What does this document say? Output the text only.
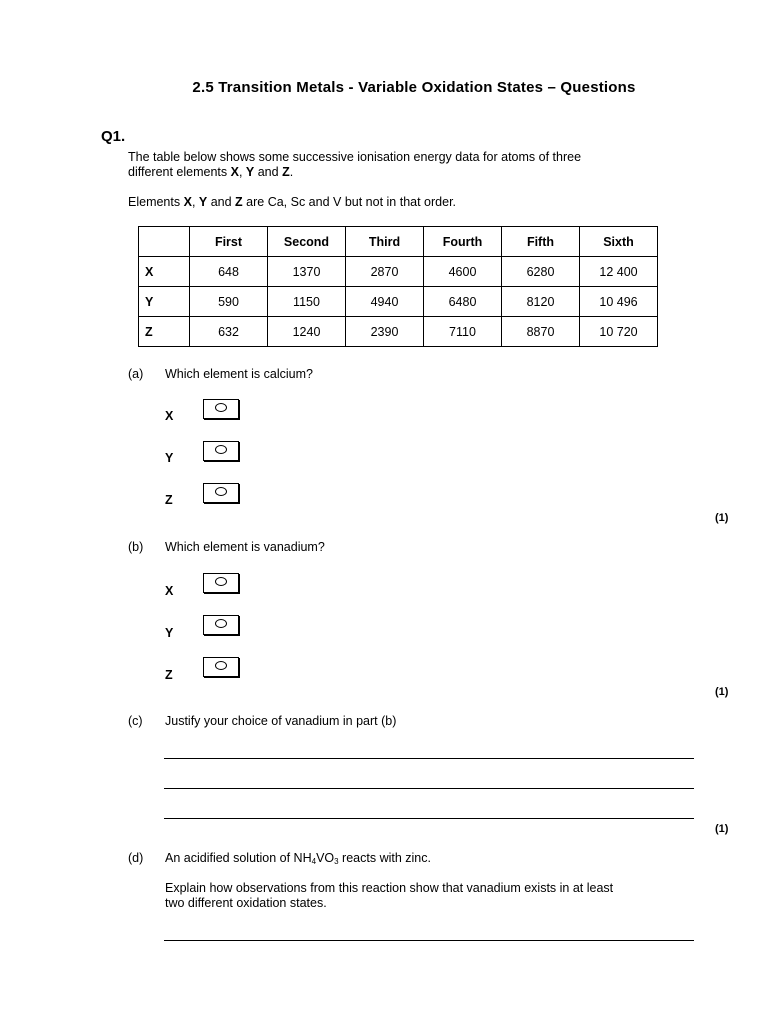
2.5 Transition Metals - Variable Oxidation States – Questions
Q1.
The table below shows some successive ionisation energy data for atoms of three
different elements X, Y and Z.
Elements X, Y and Z are Ca, Sc and V but not in that order.
	First	Second	Third	Fourth	Fifth	Sixth
X	648	1370	2870	4600	6280	12 400
Y	590	1150	4940	6480	8120	10 496
Z	632	1240	2390	7110	8870	10 720
(a) Which element is calcium?
X
Y
Z
(1)
(b) Which element is vanadium?
X
Y
Z
(1)
(c) Justify your choice of vanadium in part (b)
(1)
(d) An acidified solution of $NH_4VO_3$ reacts with zinc.
Explain how observations from this reaction show that vanadium exists in at least
two different oxidation states.
